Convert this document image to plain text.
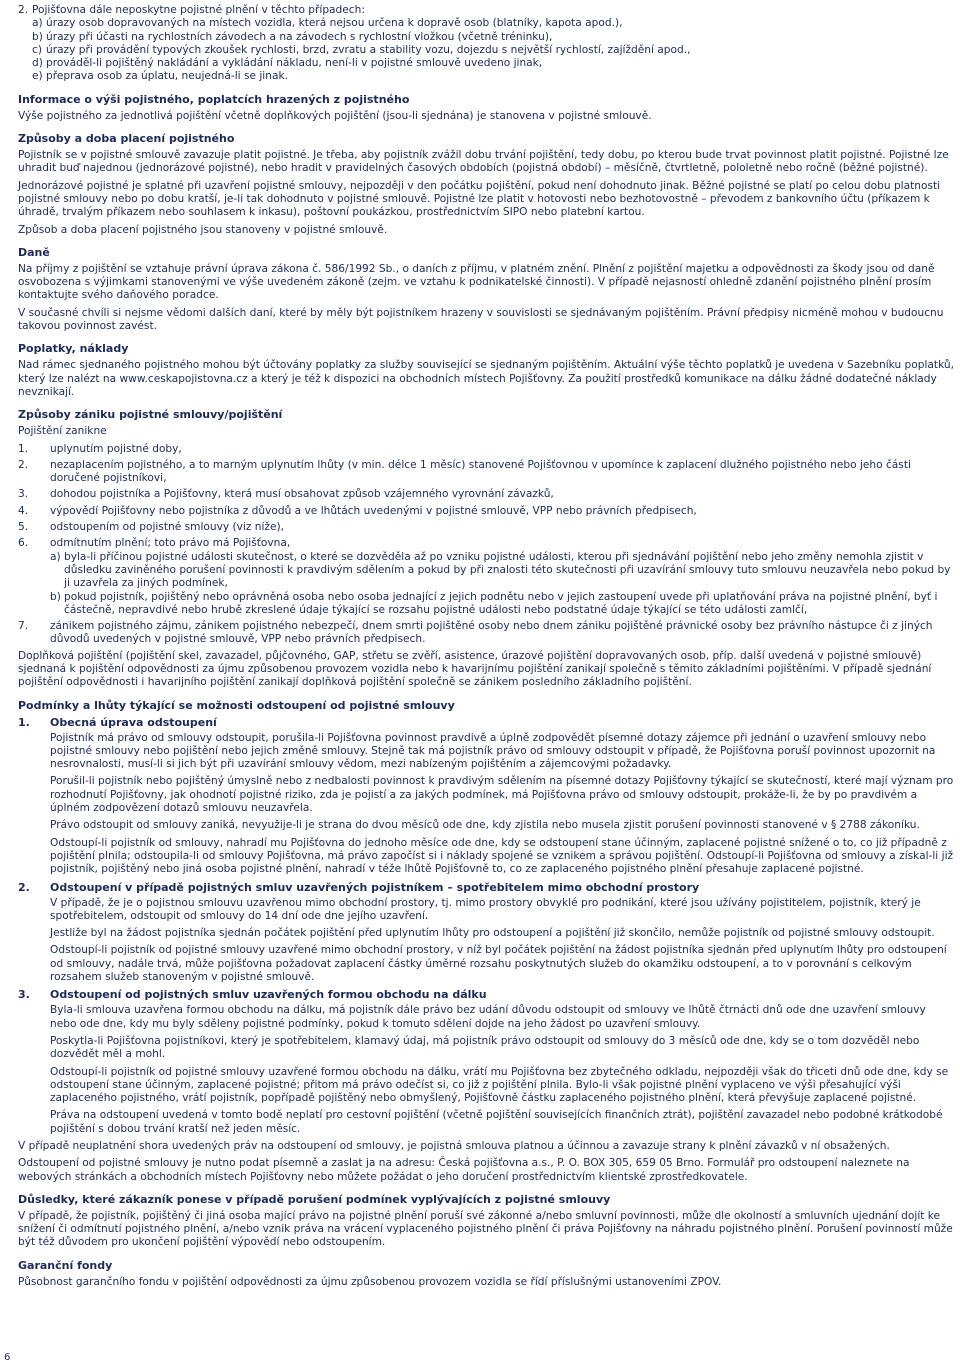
2. Pojišťovna dále neposkytne pojistné plnění v těchto případech:
a) úrazy osob dopravovaných na místech vozidla, která nejsou určena k dopravě osob (blatníky, kapota apod.),
b) úrazy při účasti na rychlostních závodech a na závodech s rychlostní vložkou (včetně tréninku),
c) úrazy při provádění typových zkoušek rychlosti, brzd, zvratu a stability vozu, dojezdu s největší rychlostí, zajíždění apod.,
d) prováděl-li pojištěný nakládání a vykládání nákladu, není-li v pojistné smlouvě uvedeno jinak,
e) přeprava osob za úplatu, neujedná-li se jinak.
Informace o výši pojistného, poplatcích hrazených z pojistného
Výše pojistného za jednotlivá pojištění včetně doplňkových pojištění (jsou-li sjednána) je stanovena v pojistné smlouvě.
Způsoby a doba placení pojistného
Pojistník se v pojistné smlouvě zavazuje platit pojistné. Je třeba, aby pojistník zvážil dobu trvání pojištění, tedy dobu, po kterou bude trvat povinnost platit pojistné. Pojistné lze uhradit buď najednou (jednorázové pojistné), nebo hradit v pravidelných časových obdobích (pojistná období) – měsíčně, čtvrtletně, pololetně nebo ročně (běžné pojistné).
Jednorázové pojistné je splatné při uzavření pojistné smlouvy, nejpozději v den počátku pojištění, pokud není dohodnuto jinak. Běžné pojistné se platí po celou dobu platnosti pojistné smlouvy nebo po dobu kratší, je-li tak dohodnuto v pojistné smlouvě. Pojistné lze platit v hotovosti nebo bezhotovostně – převodem z bankovního účtu (příkazem k úhradě, trvalým příkazem nebo souhlasem k inkasu), poštovní poukázkou, prostřednictvím SIPO nebo platební kartou.
Způsob a doba placení pojistného jsou stanoveny v pojistné smlouvě.
Daně
Na příjmy z pojištění se vztahuje právní úprava zákona č. 586/1992 Sb., o daních z příjmu, v platném znění. Plnění z pojištění majetku a odpovědnosti za škody jsou od daně osvobozena s výjimkami stanovenými ve výše uvedeném zákoně (zejm. ve vztahu k podnikatelské činnosti). V případě nejasností ohledně zdanění pojistného plnění prosím kontaktujte svého daňového poradce.
V současné chvíli si nejsme vědomi dalších daní, které by měly být pojistníkem hrazeny v souvislosti se sjednávaným pojištěním. Právní předpisy nicméně mohou v budoucnu takovou povinnost zavést.
Poplatky, náklady
Nad rámec sjednaného pojistného mohou být účtovány poplatky za služby související se sjednaným pojištěním. Aktuální výše těchto poplatků je uvedena v Sazebníku poplatků, který lze nalézt na www.ceskapojistovna.cz a který je též k dispozici na obchodních místech Pojišťovny. Za použití prostředků komunikace na dálku žádné dodatečné náklady nevznikají.
Způsoby zániku pojistné smlouvy/pojištění
Pojištění zanikne
1. uplynutím pojistné doby,
2. nezaplacením pojistného, a to marným uplynutím lhůty (v min. délce 1 měsíc) stanovené Pojišťovnou v upomínce k zaplacení dlužného pojistného nebo jeho části doručené pojistníkovi,
3. dohodou pojistníka a Pojišťovny, která musí obsahovat způsob vzájemného vyrovnání závazků,
4. výpovědí Pojišťovny nebo pojistníka z důvodů a ve lhůtách uvedenými v pojistné smlouvě, VPP nebo právních předpisech,
5. odstoupením od pojistné smlouvy (viz níže),
6. odmítnutím plnění; toto právo má Pojišťovna,
a) byla-li příčinou pojistné události skutečnost, o které se dozvěděla až po vzniku pojistné události, kterou při sjednávání pojištění nebo jeho změny nemohla zjistit v důsledku zaviněného porušení povinnosti k pravdivým sdělením a pokud by při znalosti této skutečnosti při uzavírání smlouvy tuto smlouvu neuzavřela nebo pokud by ji uzavřela za jiných podmínek,
b) pokud pojistník, pojištěný nebo oprávněná osoba nebo osoba jednající z jejich podnětu nebo v jejich zastoupení uvede při uplatňování práva na pojistné plnění, byť i částečně, nepravdivé nebo hrubě zkreslené údaje týkající se rozsahu pojistné události nebo podstatné údaje týkající se této události zamlčí,
7. zánikem pojistného zájmu, zánikem pojistného nebezpečí, dnem smrti pojištěné osoby nebo dnem zániku pojištěné právnické osoby bez právního nástupce či z jiných důvodů uvedených v pojistné smlouvě, VPP nebo právních předpisech.
Doplňková pojištění (pojištění skel, zavazadel, půjčovného, GAP, střetu se zvěří, asistence, úrazové pojištění dopravovaných osob, příp. další uvedená v pojistné smlouvě) sjednaná k pojištění odpovědnosti za újmu způsobenou provozem vozidla nebo k havarijnímu pojištění zanikají společně s těmito základními pojištěními. V případě sjednání pojištění odpovědnosti i havarijního pojištění zanikají doplňková pojištění společně se zánikem posledního základního pojištění.
Podmínky a lhůty týkající se možnosti odstoupení od pojistné smlouvy
1. Obecná úprava odstoupení
Pojistník má právo od smlouvy odstoupit, porušila-li Pojišťovna povinnost pravdivě a úplně zodpovědět písemné dotazy zájemce při jednání o uzavření smlouvy nebo pojistné smlouvy nebo pojištění nebo jejich změně smlouvy. Stejně tak má pojistník právo od smlouvy odstoupit v případě, že Pojišťovna poruší povinnost upozornit na nesrovnalosti, musí-li si jich být při uzavírání smlouvy vědom, mezi nabízeným pojištěním a zájemcovými požadavky.
Porušil-li pojistník nebo pojištěný úmyslně nebo z nedbalosti povinnost k pravdivým sdělením na písemné dotazy Pojišťovny týkající se skutečností, které mají význam pro rozhodnutí Pojišťovny, jak ohodnotí pojistné riziko, zda je pojistí a za jakých podmínek, má Pojišťovna právo od smlouvy odstoupit, prokáže-li, že by po pravdivém a úplném zodpovězení dotazů smlouvu neuzavřela.
Právo odstoupit od smlouvy zaniká, nevyužije-li je strana do dvou měsíců ode dne, kdy zjistila nebo musela zjistit porušení povinnosti stanovené v § 2788 zákoníku.
Odstoupí-li pojistník od smlouvy, nahradí mu Pojišťovna do jednoho měsíce ode dne, kdy se odstoupení stane účinným, zaplacené pojistné snížené o to, co již případně z pojištění plnila; odstoupila-li od smlouvy Pojišťovna, má právo započíst si i náklady spojené se vznikem a správou pojištění. Odstoupí-li Pojišťovna od smlouvy a získal-li již pojistník, pojištěný nebo jiná osoba pojistné plnění, nahradí v téže lhůtě Pojišťovně to, co ze zaplaceného pojistného plnění přesahuje zaplacené pojistné.
2. Odstoupení v případě pojistných smluv uzavřených pojistníkem – spotřebitelem mimo obchodní prostory
V případě, že je o pojistnou smlouvu uzavřenou mimo obchodní prostory, tj. mimo prostory obvyklé pro podnikání, které jsou užívány pojistitelem, pojistník, který je spotřebitelem, odstoupit od smlouvy do 14 dní ode dne jejího uzavření.
Jestliže byl na žádost pojistníka sjednán počátek pojištění před uplynutím lhůty pro odstoupení a pojištění již skončilo, nemůže pojistník od pojistné smlouvy odstoupit.
Odstoupí-li pojistník od pojistné smlouvy uzavřené mimo obchodní prostory, v níž byl počátek pojištění na žádost pojistníka sjednán před uplynutím lhůty pro odstoupení od smlouvy, nadále trvá, může pojišťovna požadovat zaplacení částky úměrné rozsahu poskytnutých služeb do okamžiku odstoupení, a to v porovnání s celkovým rozsahem služeb stanoveným v pojistné smlouvě.
3. Odstoupení od pojistných smluv uzavřených formou obchodu na dálku
Byla-li smlouva uzavřena formou obchodu na dálku, má pojistník dále právo bez udání důvodu odstoupit od smlouvy ve lhůtě čtrnácti dnů ode dne uzavření smlouvy nebo ode dne, kdy mu byly sděleny pojistné podmínky, pokud k tomuto sdělení dojde na jeho žádost po uzavření smlouvy.
Poskytla-li Pojišťovna pojistníkovi, který je spotřebitelem, klamavý údaj, má pojistník právo odstoupit od smlouvy do 3 měsíců ode dne, kdy se o tom dozvěděl nebo dozvědět měl a mohl.
Odstoupí-li pojistník od pojistné smlouvy uzavřené formou obchodu na dálku, vrátí mu Pojišťovna bez zbytečného odkladu, nejpozději však do třiceti dnů ode dne, kdy se odstoupení stane účinným, zaplacené pojistné; přitom má právo odečíst si, co již z pojištění plnila. Bylo-li však pojistné plnění vyplaceno ve výši přesahující výši zaplaceného pojistného, vrátí pojistník, popřípadě pojištěný nebo obmyšlený, Pojišťovně částku zaplaceného pojistného plnění, která převyšuje zaplacené pojistné.
Práva na odstoupení uvedená v tomto bodě neplatí pro cestovní pojištění (včetně pojištění souvisejících finančních ztrát), pojištění zavazadel nebo podobné krátkodobé pojištění s dobou trvání kratší než jeden měsíc.
V případě neuplatnění shora uvedených práv na odstoupení od smlouvy, je pojistná smlouva platnou a účinnou a zavazuje strany k plnění závazků v ní obsažených.
Odstoupení od pojistné smlouvy je nutno podat písemně a zaslat ja na adresu: Česká pojišťovna a.s., P. O. BOX 305, 659 05 Brno. Formulář pro odstoupení naleznete na webových stránkách a obchodních místech Pojišťovny nebo můžete požádat o jeho doručení prostřednictvím klientské zprostředkovatele.
Důsledky, které zákazník ponese v případě porušení podmínek vyplývajících z pojistné smlouvy
V případě, že pojistník, pojištěný či jiná osoba mající právo na pojistné plnění poruší své zákonné a/nebo smluvní povinnosti, může dle okolností a smluvních ujednání dojít ke snížení či odmítnutí pojistného plnění, a/nebo vznik práva na vrácení vyplaceného pojistného plnění či práva Pojišťovny na náhradu pojistného plnění. Porušení povinností může být též důvodem pro ukončení pojištění výpovědí nebo odstoupením.
Garanční fondy
Působnost garančního fondu v pojištění odpovědnosti za újmu způsobenou provozem vozidla se řídí příslušnými ustanoveními ZPOV.
6
